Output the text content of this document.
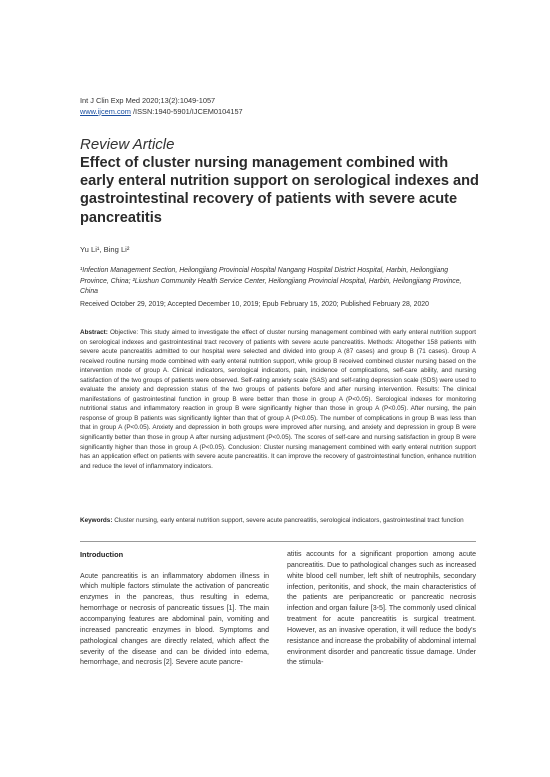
Int J Clin Exp Med 2020;13(2):1049-1057
www.ijcem.com /ISSN:1940-5901/IJCEM0104157
Review Article
Effect of cluster nursing management combined with early enteral nutrition support on serological indexes and gastrointestinal recovery of patients with severe acute pancreatitis
Yu Li¹, Bing Li²
¹Infection Management Section, Heilongjiang Provincial Hospital Nangang Hospital District Hospital, Harbin, Heilongjiang Province, China; ²Liushun Community Health Service Center, Heilongjiang Provincial Hospital, Harbin, Heilongjiang Province, China
Received October 29, 2019; Accepted December 10, 2019; Epub February 15, 2020; Published February 28, 2020
Abstract: Objective: This study aimed to investigate the effect of cluster nursing management combined with early enteral nutrition support on serological indexes and gastrointestinal tract recovery of patients with severe acute pancreatitis. Methods: Altogether 158 patients with severe acute pancreatitis admitted to our hospital were selected and divided into group A (87 cases) and group B (71 cases). Group A received routine nursing mode combined with early enteral nutrition support, while group B received combined cluster nursing based on the intervention mode of group A. Clinical indicators, serological indicators, pain, incidence of complications, self-care ability, and nursing satisfaction of the two groups of patients were observed. Self-rating anxiety scale (SAS) and self-rating depression scale (SDS) were used to evaluate the anxiety and depression status of the two groups of patients before and after nursing intervention. Results: The clinical manifestations of gastrointestinal function in group B were better than those in group A (P<0.05). Serological indexes for monitoring nutritional status and inflammatory reaction in group B were significantly higher than those in group A (P<0.05). After nursing, the pain response of group B patients was significantly lighter than that of group A (P<0.05). The number of complications in group B was less than that in group A (P<0.05). Anxiety and depression in both groups were improved after nursing, and anxiety and depression in group B were significantly better than those in group A after nursing adjustment (P<0.05). The scores of self-care and nursing satisfaction in group B were significantly higher than those in group A (P<0.05). Conclusion: Cluster nursing management combined with early enteral nutrition support has an application effect on patients with severe acute pancreatitis. It can improve the recovery of gastrointestinal function, enhance nutrition and reduce the level of inflammatory indicators.
Keywords: Cluster nursing, early enteral nutrition support, severe acute pancreatitis, serological indicators, gastrointestinal tract function
Introduction

Acute pancreatitis is an inflammatory abdomen illness in which multiple factors stimulate the activation of pancreatic enzymes in the pancreas, thus resulting in edema, hemorrhage or necrosis of pancreatic tissues [1]. The main accompanying features are abdominal pain, vomiting and increased pancreatic enzymes in blood. Symptoms and pathological changes are directly related, which affect the severity of the disease and can be divided into edema, hemorrhage, and necrosis [2]. Severe acute pancre-

atitis accounts for a significant proportion among acute pancreatitis. Due to pathological changes such as increased white blood cell number, left shift of neutrophils, secondary infection, peritonitis, and shock, the main characteristics of the patients are peripancreatic or pancreatic necrosis infection and organ failure [3-5]. The commonly used clinical treatment for acute pancreatitis is surgical treatment. However, as an invasive operation, it will reduce the body's resistance and increase the probability of abdominal internal environment disorder and pancreatic tissue damage. Under the stimula-
